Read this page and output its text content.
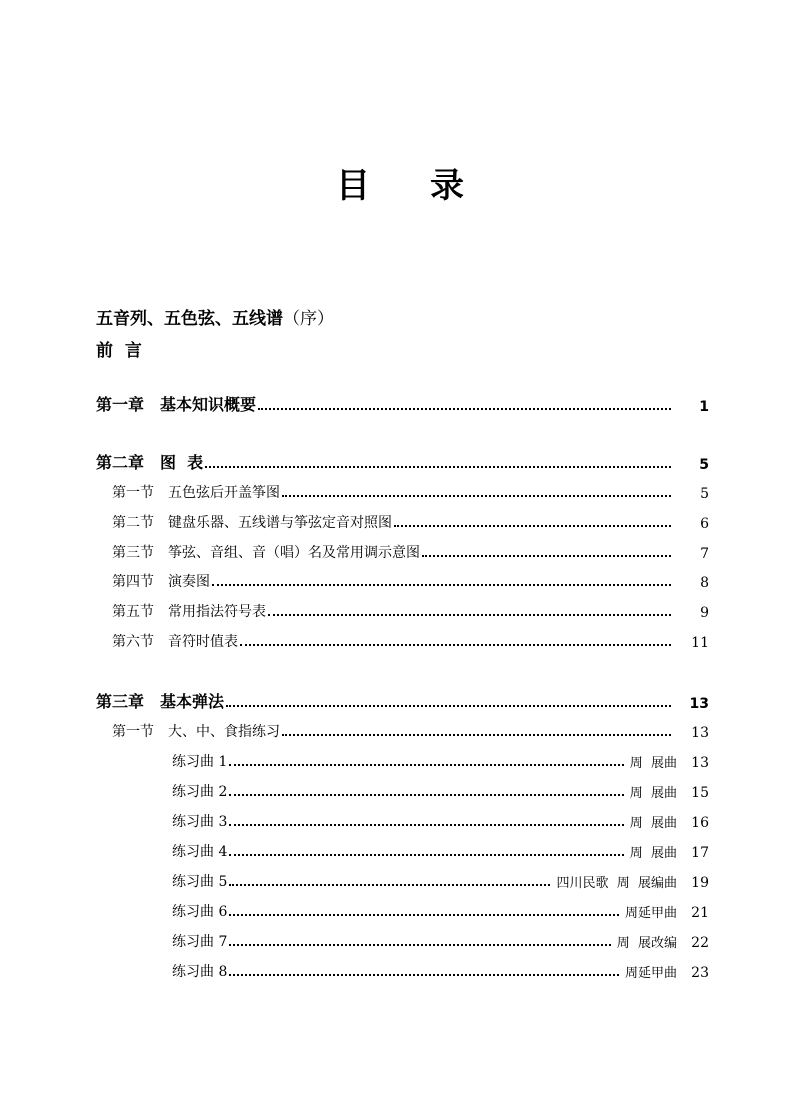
目 录
五音列、五色弦、五线谱（序）
前  言
第一章 基本知识概要	1
第二章 图  表	5
第一节 五色弦后开盖筝图	5
第二节 键盘乐器、五线谱与筝弦定音对照图	6
第三节 筝弦、音组、音（唱）名及常用调示意图	7
第四节 演奏图	8
第五节 常用指法符号表	9
第六节 音符时值表	11
第三章 基本弹法	13
第一节 大、中、食指练习	13
练习曲 1	周  展曲	13
练习曲 2	周  展曲	15
练习曲 3	周  展曲	16
练习曲 4	周  展曲	17
练习曲 5	四川民歌  周  展编曲	19
练习曲 6	周延甲曲	21
练习曲 7	周  展改编	22
练习曲 8	周延甲曲	23
